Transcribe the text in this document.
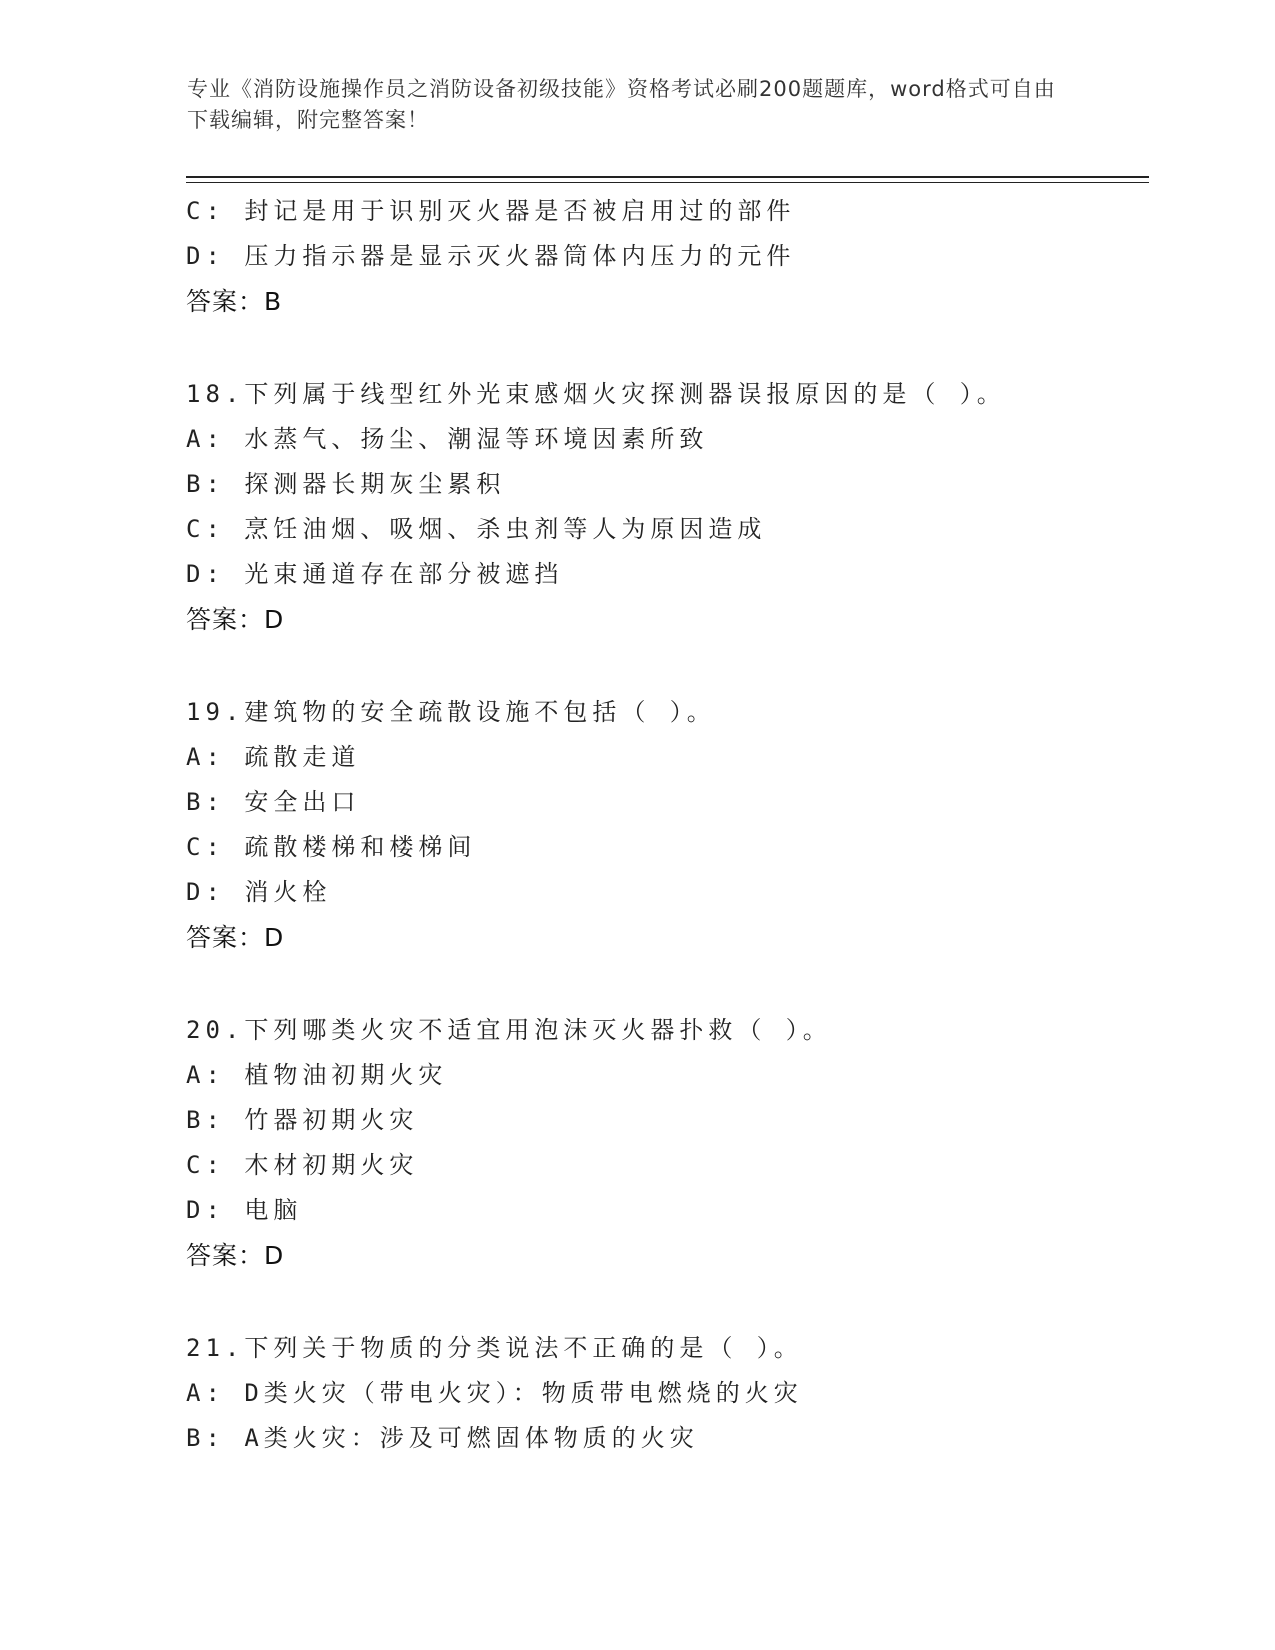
专业《消防设施操作员之消防设备初级技能》资格考试必刷200题题库，word格式可自由下载编辑，附完整答案！
C: 封记是用于识别灭火器是否被启用过的部件
D: 压力指示器是显示灭火器筒体内压力的元件
答案：B
18.下列属于线型红外光束感烟火灾探测器误报原因的是（ ）。
A: 水蒸气、扬尘、潮湿等环境因素所致
B: 探测器长期灰尘累积
C: 烹饪油烟、吸烟、杀虫剂等人为原因造成
D: 光束通道存在部分被遮挡
答案：D
19.建筑物的安全疏散设施不包括（ ）。
A: 疏散走道
B: 安全出口
C: 疏散楼梯和楼梯间
D: 消火栓
答案：D
20.下列哪类火灾不适宜用泡沫灭火器扑救（ ）。
A: 植物油初期火灾
B: 竹器初期火灾
C: 木材初期火灾
D: 电脑
答案：D
21.下列关于物质的分类说法不正确的是（ ）。
A: D类火灾（带电火灾）：物质带电燃烧的火灾
B: A类火灾：涉及可燃固体物质的火灾
